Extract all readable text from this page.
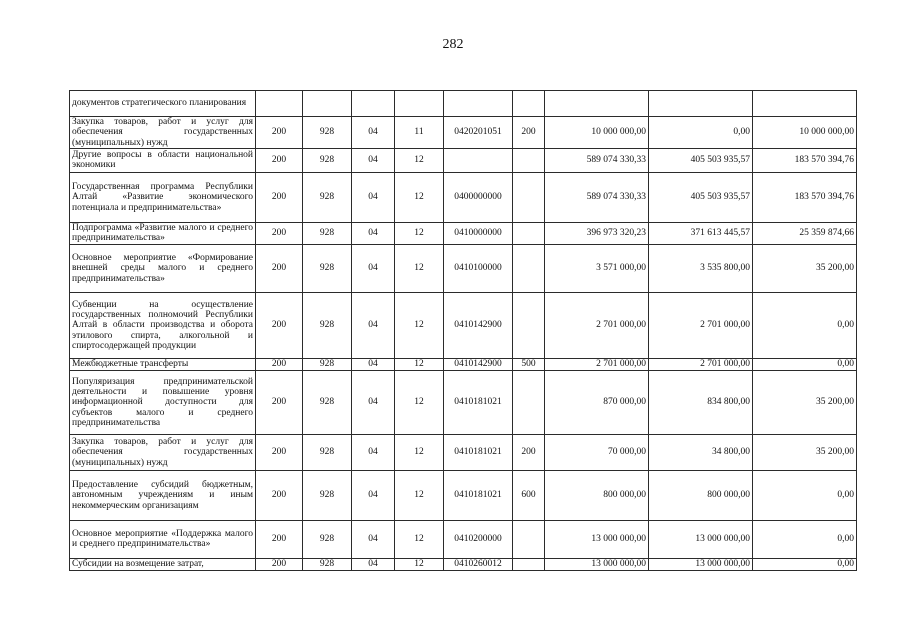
282
документов стратегического планирования									
Закупка товаров, работ и услуг для обеспечения государственных (муниципальных) нужд	200	928	04	11	0420201051	200	10 000 000,00	0,00	10 000 000,00
Другие вопросы в области национальной экономики	200	928	04	12			589 074 330,33	405 503 935,57	183 570 394,76
Государственная программа Республики Алтай «Развитие экономического потенциала и предпринимательства»	200	928	04	12	0400000000		589 074 330,33	405 503 935,57	183 570 394,76
Подпрограмма «Развитие малого и среднего предпринимательства»	200	928	04	12	0410000000		396 973 320,23	371 613 445,57	25 359 874,66
Основное мероприятие «Формирование внешней среды малого и среднего предпринимательства»	200	928	04	12	0410100000		3 571 000,00	3 535 800,00	35 200,00
Субвенции на осуществление государственных полномочий Республики Алтай в области производства и оборота этилового спирта, алкогольной и спиртосодержащей продукции	200	928	04	12	0410142900		2 701 000,00	2 701 000,00	0,00
Межбюджетные трансферты	200	928	04	12	0410142900	500	2 701 000,00	2 701 000,00	0,00
Популяризация предпринимательской деятельности и повышение уровня информационной доступности для субъектов малого и среднего предпринимательства	200	928	04	12	0410181021		870 000,00	834 800,00	35 200,00
Закупка товаров, работ и услуг для обеспечения государственных (муниципальных) нужд	200	928	04	12	0410181021	200	70 000,00	34 800,00	35 200,00
Предоставление субсидий бюджетным, автономным учреждениям и иным некоммерческим организациям	200	928	04	12	0410181021	600	800 000,00	800 000,00	0,00
Основное мероприятие «Поддержка малого и среднего предпринимательства»	200	928	04	12	0410200000		13 000 000,00	13 000 000,00	0,00
Субсидии на возмещение затрат,	200	928	04	12	0410260012		13 000 000,00	13 000 000,00	0,00
